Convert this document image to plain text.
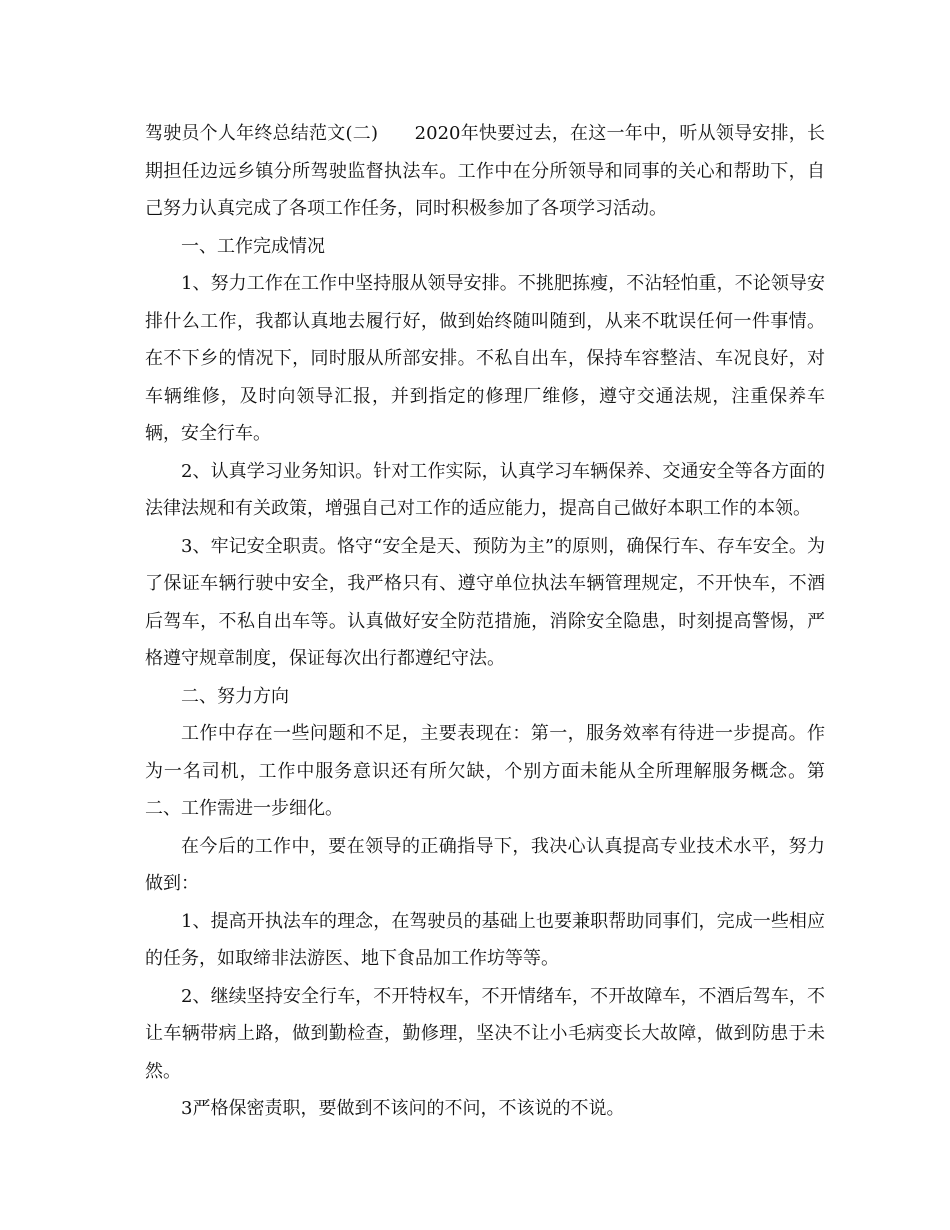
驾驶员个人年终总结范文(二)　　2020年快要过去，在这一年中，听从领导安排，长期担任边远乡镇分所驾驶监督执法车。工作中在分所领导和同事的关心和帮助下，自己努力认真完成了各项工作任务，同时积极参加了各项学习活动。

一、工作完成情况

1、努力工作在工作中坚持服从领导安排。不挑肥拣瘦，不沾轻怕重，不论领导安排什么工作，我都认真地去履行好，做到始终随叫随到，从来不耽误任何一件事情。在不下乡的情况下，同时服从所部安排。不私自出车，保持车容整洁、车况良好，对车辆维修，及时向领导汇报，并到指定的修理厂维修，遵守交通法规，注重保养车辆，安全行车。

2、认真学习业务知识。针对工作实际，认真学习车辆保养、交通安全等各方面的法律法规和有关政策，增强自己对工作的适应能力，提高自己做好本职工作的本领。

3、牢记安全职责。恪守“安全是天、预防为主”的原则，确保行车、存车安全。为了保证车辆行驶中安全，我严格只有、遵守单位执法车辆管理规定，不开快车，不酒后驾车，不私自出车等。认真做好安全防范措施，消除安全隐患，时刻提高警惕，严格遵守规章制度，保证每次出行都遵纪守法。

二、努力方向

工作中存在一些问题和不足，主要表现在：第一，服务效率有待进一步提高。作为一名司机，工作中服务意识还有所欠缺，个别方面未能从全所理解服务概念。第二、工作需进一步细化。

在今后的工作中，要在领导的正确指导下，我决心认真提高专业技术水平，努力做到：

1、提高开执法车的理念，在驾驶员的基础上也要兼职帮助同事们，完成一些相应的任务，如取缔非法游医、地下食品加工作坊等等。

2、继续坚持安全行车，不开特权车，不开情绪车，不开故障车，不酒后驾车，不让车辆带病上路，做到勤检查，勤修理，坚决不让小毛病变长大故障，做到防患于未然。

3严格保密责职，要做到不该问的不问，不该说的不说。
